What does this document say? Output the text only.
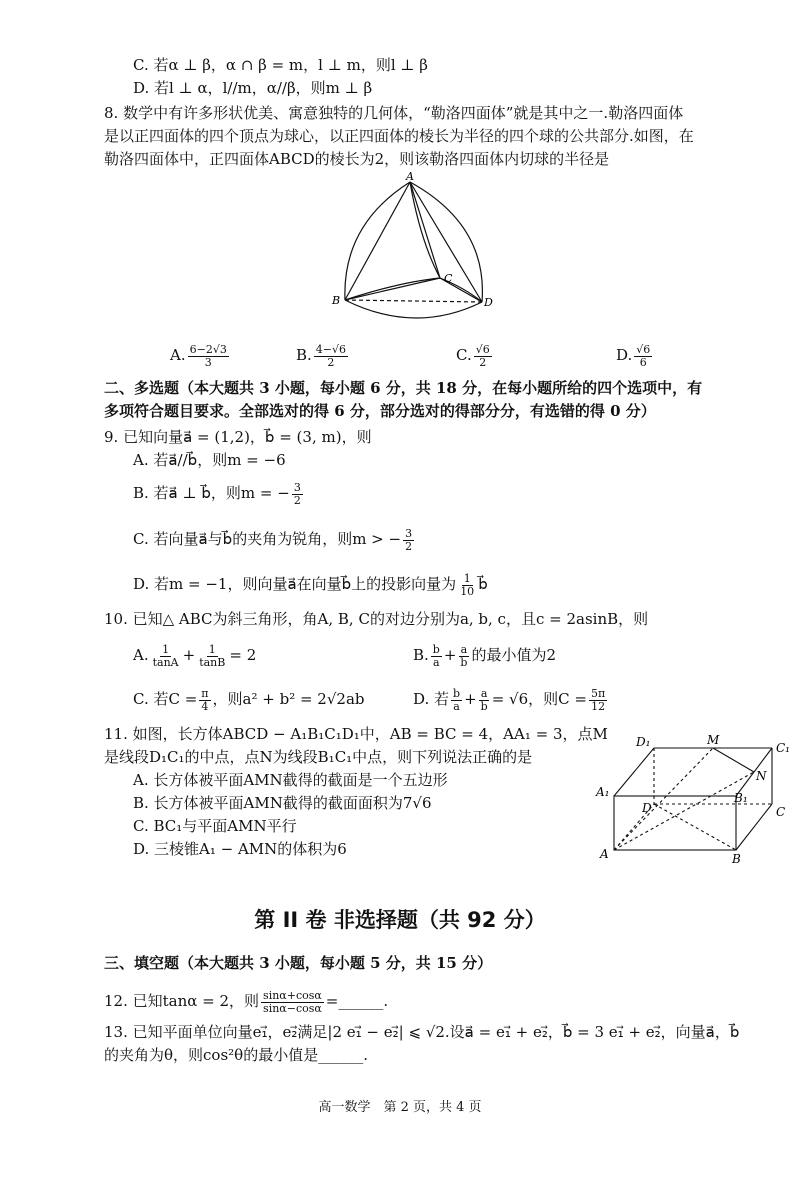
C. 若α ⊥ β，α ∩ β = m，l ⊥ m，则l ⊥ β
D. 若l ⊥ α，l//m，α//β，则m ⊥ β
8. 数学中有许多形状优美、寓意独特的几何体，“勒洛四面体”就是其中之一.勒洛四面体
是以正四面体的四个顶点为球心，以正四面体的棱长为半径的四个球的公共部分.如图，在
勒洛四面体中，正四面体ABCD的棱长为2，则该勒洛四面体内切球的半径是
A
B
C
D
A. $\frac{6-2√3}{3}$	B. $\frac{4-√6}{2}$	C. $\frac{√6}{2}$	D. $\frac{√6}{6}$
二、多选题（本大题共 3 小题，每小题 6 分，共 18 分，在每小题所给的四个选项中，有
多项符合题目要求。全部选对的得 6 分，部分选对的得部分分，有选错的得 0 分）
9. 已知向量a⃗ = (1,2)，b⃗ = (3, m)，则
A. 若a⃗//b⃗，则m = −6
B. 若a⃗ ⊥ b⃗，则m = − $\frac{3}{2}$
C. 若向量a⃗与b⃗的夹角为锐角，则m > − $\frac{3}{2}$
D. 若m = −1，则向量a⃗在向量b⃗上的投影向量为 $\frac{1}{10}$ b⃗
10. 已知△ ABC为斜三角形，角A, B, C的对边分别为a, b, c，且c = 2asinB，则
A. $\frac{1}{\tan A} + \frac{1}{\tan B} = 2$	B. $\frac{b}{a} + \frac{a}{b}$ 的最小值为2
C. 若$C = \frac{\pi}{4}$ ，则a² + b² = 2√2ab	D. 若 $\frac{b}{a} + \frac{a}{b} = √6$，则$C = \frac{5\pi}{12}$
11. 如图，长方体ABCD − A₁B₁C₁D₁中，AB = BC = 4，AA₁ = 3，点M
是线段D₁C₁的中点，点N为线段B₁C₁中点，则下列说法正确的是
A. 长方体被平面AMN截得的截面是一个五边形
B. 长方体被平面AMN截得的截面面积为7√6
C. BC₁与平面AMN平行
D. 三棱锥A₁ − AMN的体积为6
D₁	M
C₁
N
A₁
D
B₁
C
A	B
第 II 卷 非选择题（共 92 分）
三、填空题（本大题共 3 小题，每小题 5 分，共 15 分）
12. 已知tanα = 2，则 $\frac{\sin\alpha+\cos\alpha}{\sin\alpha-\cos\alpha}$ =______.
13. 已知平面单位向量e₁⃗，e₂⃗满足|2 e₁⃗ − e₂⃗| ⩽ √2.设a⃗ = e₁⃗ + e₂⃗，b⃗ = 3 e₁⃗ + e₂⃗，向量a⃗，b⃗
的夹角为θ，则cos²θ的最小值是______.
高一数学　第 2 页，共 4 页
